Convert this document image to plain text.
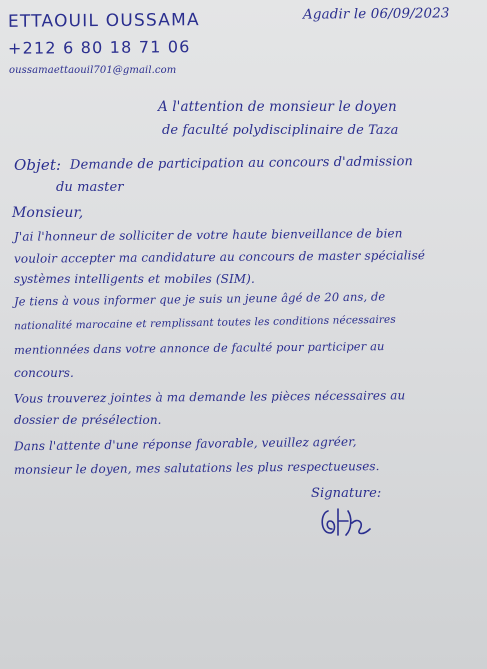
ETTAOUIL OUSSAMA
+212 6 80 18 71 06
oussamaettaouil701@gmail.com
Agadir le 06/09/2023
A l'attention de monsieur le doyen
de faculté polydisciplinaire de Taza
Objet: Demande de participation au concours d'admission
du master
Monsieur,
J'ai l'honneur de solliciter de votre haute bienveillance de bien
vouloir accepter ma candidature au concours de master spécialisé
systèmes intelligents et mobiles (SIM).
Je tiens à vous informer que je suis un jeune âgé de 20 ans, de
nationalité marocaine et remplissant toutes les conditions nécessaires
mentionnées dans votre annonce de faculté pour participer au
concours.
Vous trouverez jointes à ma demande les pièces nécessaires au
dossier de présélection.
Dans l'attente d'une réponse favorable, veuillez agréer,
monsieur le doyen, mes salutations les plus respectueuses.
Signature:
